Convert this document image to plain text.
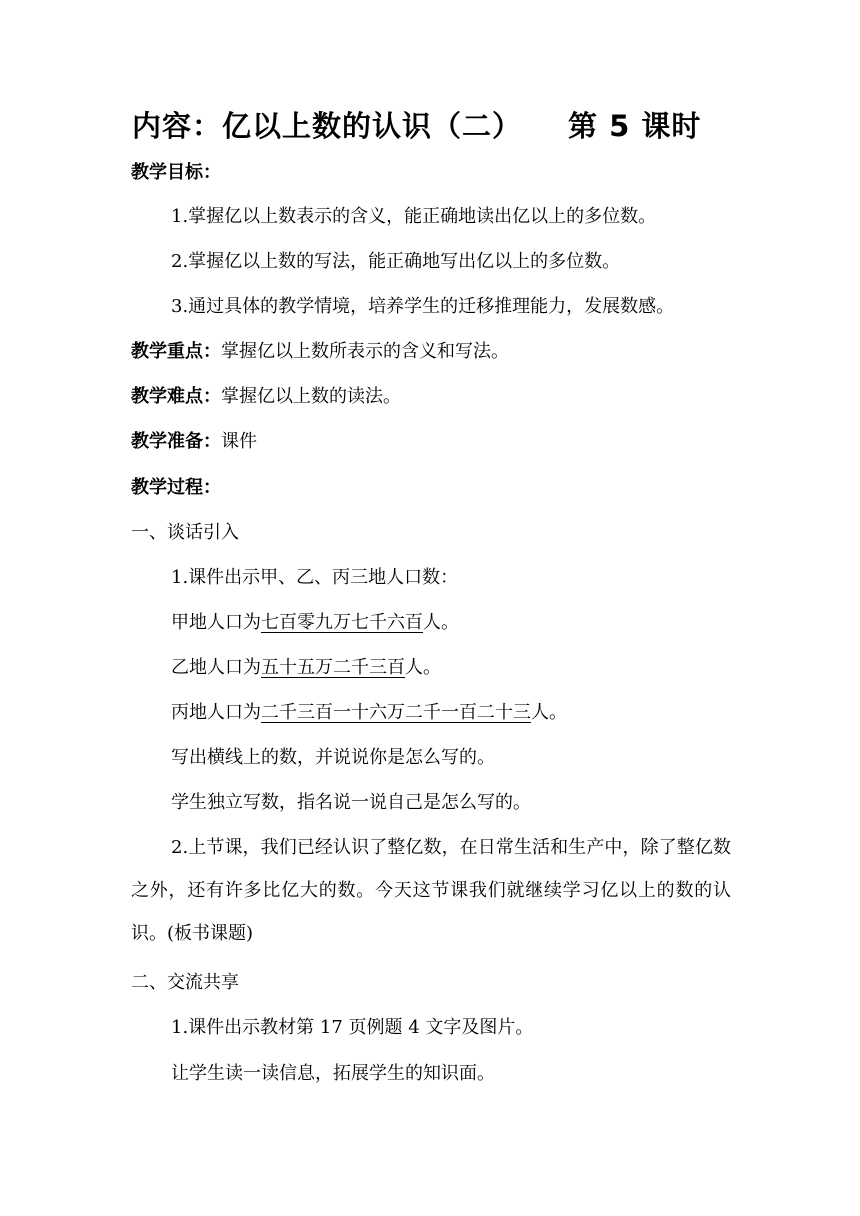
内容：亿以上数的认识（二） 第 5 课时
教学目标：
1.掌握亿以上数表示的含义，能正确地读出亿以上的多位数。
2.掌握亿以上数的写法，能正确地写出亿以上的多位数。
3.通过具体的教学情境，培养学生的迁移推理能力，发展数感。
教学重点：掌握亿以上数所表示的含义和写法。
教学难点：掌握亿以上数的读法。
教学准备：课件
教学过程：
一、谈话引入
1.课件出示甲、乙、丙三地人口数：
甲地人口为七百零九万七千六百人。
乙地人口为五十五万二千三百人。
丙地人口为二千三百一十六万二千一百二十三人。
写出横线上的数，并说说你是怎么写的。
学生独立写数，指名说一说自己是怎么写的。
2.上节课，我们已经认识了整亿数，在日常生活和生产中，除了整亿数之外，还有许多比亿大的数。今天这节课我们就继续学习亿以上的数的认识。(板书课题)
二、交流共享
1.课件出示教材第 17 页例题 4 文字及图片。
让学生读一读信息，拓展学生的知识面。
